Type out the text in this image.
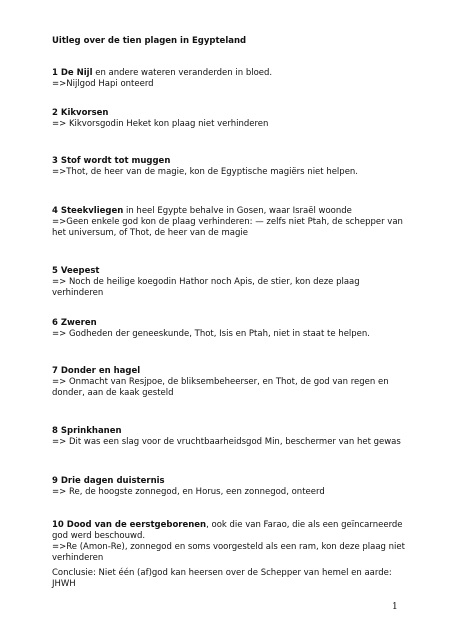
Uitleg over de tien plagen in Egypteland

1 De Nijl en andere wateren veranderden in bloed.

=>Nijlgod Hapi onteerd

2 Kikvorsen

=> Kikvorsgodin Heket kon plaag niet verhinderen

3 Stof wordt tot muggen

=>Thot, de heer van de magie, kon de Egyptische magiërs niet helpen.

4 Steekvliegen in heel Egypte behalve in Gosen, waar Israël woonde

=>Geen enkele god kon de plaag verhinderen: — zelfs niet Ptah, de schepper van het universum, of Thot, de heer van de magie

5 Veepest

=> Noch de heilige koegodin Hathor noch Apis, de stier, kon deze plaag verhinderen

6 Zweren

=> Godheden der geneeskunde, Thot, Isis en Ptah, niet in staat te helpen.

7 Donder en hagel

=> Onmacht van Resjpoe, de bliksembeheerser, en Thot, de god van regen en donder, aan de kaak gesteld

8 Sprinkhanen

=> Dit was een slag voor de vruchtbaarheidsgod Min, beschermer van het gewas

9 Drie dagen duisternis

=> Re, de hoogste zonnegod, en Horus, een zonnegod, onteerd

10 Dood van de eerstgeborenen, ook die van Farao, die als een geïncarneerde god werd beschouwd.

=>Re (Amon-Re), zonnegod en soms voorgesteld als een ram, kon deze plaag niet verhinderen

Conclusie: Niet één (af)god kan heersen over de Schepper van hemel en aarde: JHWH

1
